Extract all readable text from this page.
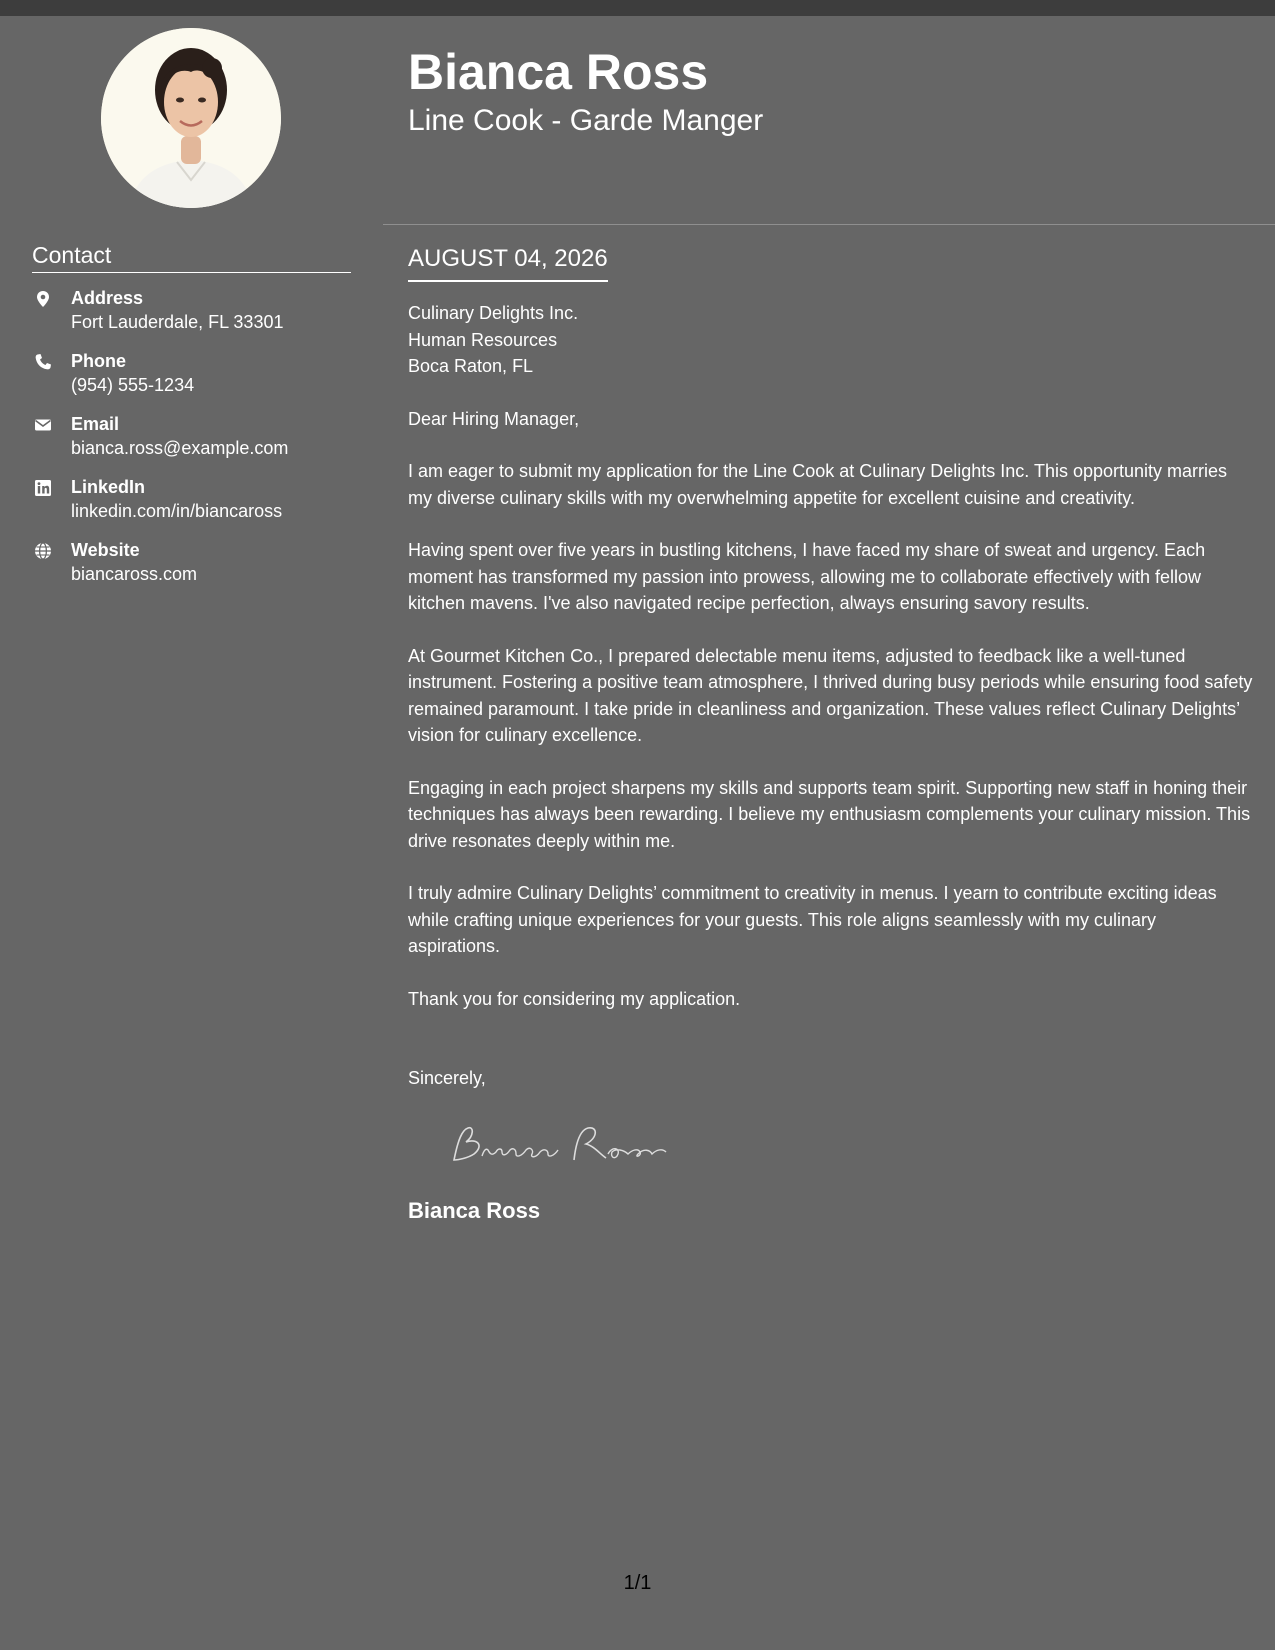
Contact
Address
Fort Lauderdale, FL 33301
Phone
(954) 555-1234
Email
bianca.ross@example.com
LinkedIn
linkedin.com/in/biancaross
Website
biancaross.com
Bianca Ross
Line Cook - Garde Manger
AUGUST 04, 2026
Culinary Delights Inc.
Human Resources
Boca Raton, FL
Dear Hiring Manager,

I am eager to submit my application for the Line Cook at Culinary Delights Inc. This opportunity marries my diverse culinary skills with my overwhelming appetite for excellent cuisine and creativity.

Having spent over five years in bustling kitchens, I have faced my share of sweat and urgency. Each moment has transformed my passion into prowess, allowing me to collaborate effectively with fellow kitchen mavens. I've also navigated recipe perfection, always ensuring savory results.

At Gourmet Kitchen Co., I prepared delectable menu items, adjusted to feedback like a well-tuned instrument. Fostering a positive team atmosphere, I thrived during busy periods while ensuring food safety remained paramount. I take pride in cleanliness and organization. These values reflect Culinary Delights’ vision for culinary excellence.

Engaging in each project sharpens my skills and supports team spirit. Supporting new staff in honing their techniques has always been rewarding. I believe my enthusiasm complements your culinary mission. This drive resonates deeply within me.

I truly admire Culinary Delights’ commitment to creativity in menus. I yearn to contribute exciting ideas while crafting unique experiences for your guests. This role aligns seamlessly with my culinary aspirations.

Thank you for considering my application.

Sincerely,
Bianca Ross
1/1
